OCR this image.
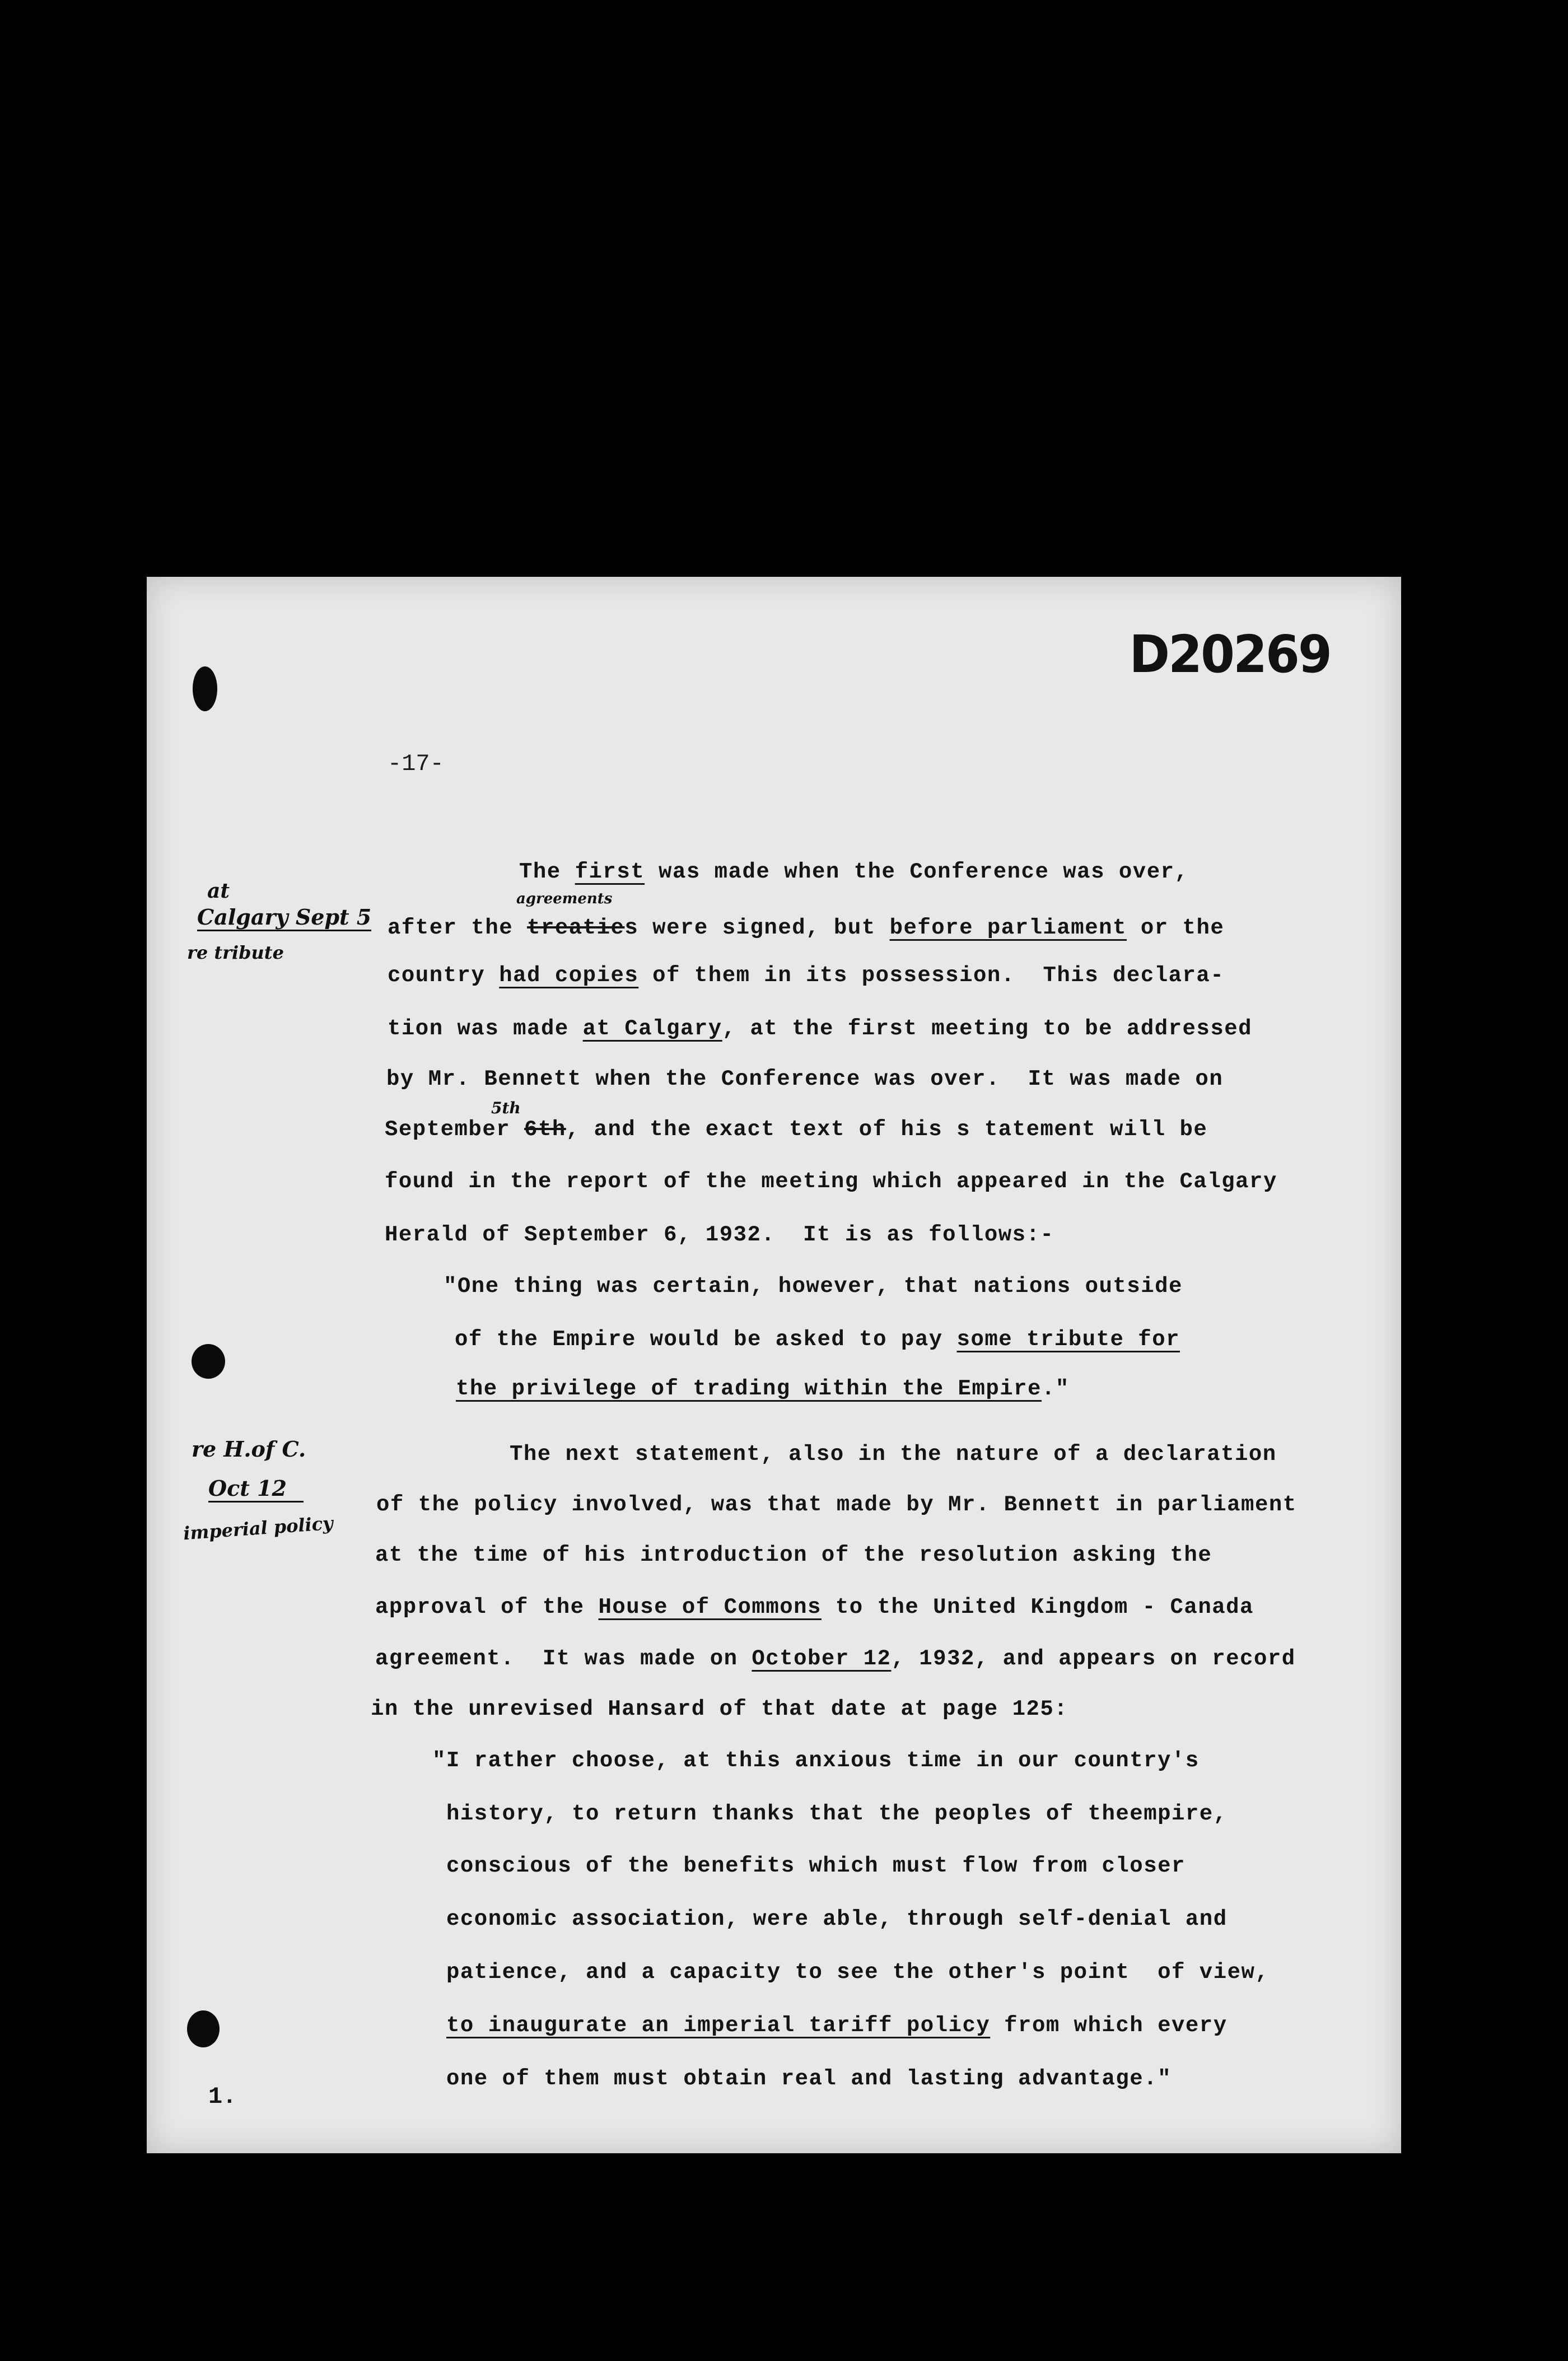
D20269
-17-
at
Calgary Sept 5
re tribute
re H.of C.
Oct 12
imperial policy
agreements
5th
The first was made when the Conference was over,
after the treaties were signed, but before parliament or the
country had copies of them in its possession.  This declara-
tion was made at Calgary, at the first meeting to be addressed
by Mr. Bennett when the Conference was over.  It was made on
September 6th, and the exact text of his s tatement will be
found in the report of the meeting which appeared in the Calgary
Herald of September 6, 1932.  It is as follows:-
"One thing was certain, however, that nations outside
of the Empire would be asked to pay some tribute for
the privilege of trading within the Empire."
The next statement, also in the nature of a declaration
of the policy involved, was that made by Mr. Bennett in parliament
at the time of his introduction of the resolution asking the
approval of the House of Commons to the United Kingdom - Canada
agreement.  It was made on October 12, 1932, and appears on record
in the unrevised Hansard of that date at page 125:
"I rather choose, at this anxious time in our country's
history, to return thanks that the peoples of theempire,
conscious of the benefits which must flow from closer
economic association, were able, through self-denial and
patience, and a capacity to see the other's point  of view,
to inaugurate an imperial tariff policy from which every
one of them must obtain real and lasting advantage."
1.
